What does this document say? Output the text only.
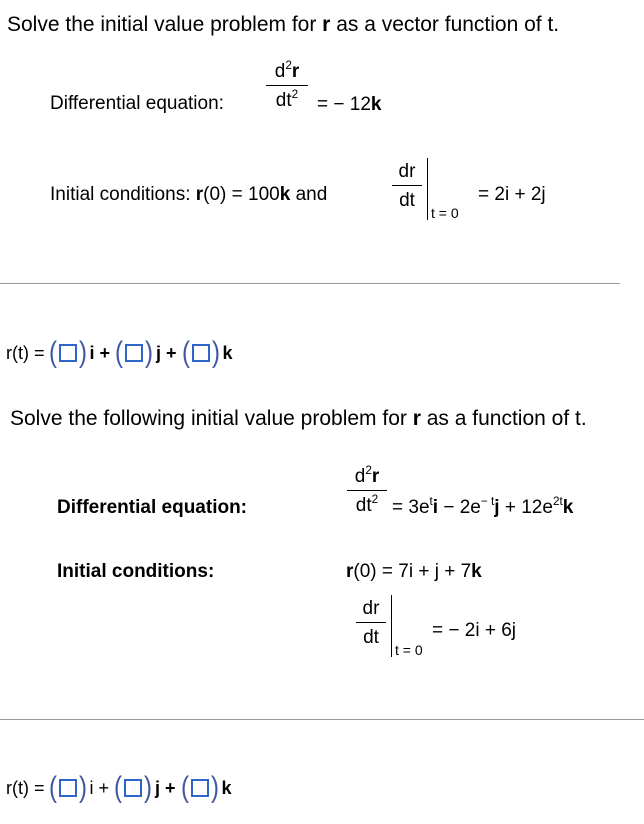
Solve the initial value problem for r as a vector function of t.
Differential equation:
$d^2r$
$dt^2$ = − 12k
Initial conditions: r(0) = 100k and
dr
dt
t = 0
= 2i + 2j
r(t) = ( ) i + ( ) j + ( ) k
Solve the following initial value problem for r as a function of t.
Differential equation:
$d^2r$
$dt^2 = 3e^ti - 2e^{- t}j + 12e^{2t}k$
Initial conditions:	r(0) = 7i + j + 7k
dr
dt
t = 0
= − 2i + 6j
r(t) = ( ) i + ( ) j + ( ) k
